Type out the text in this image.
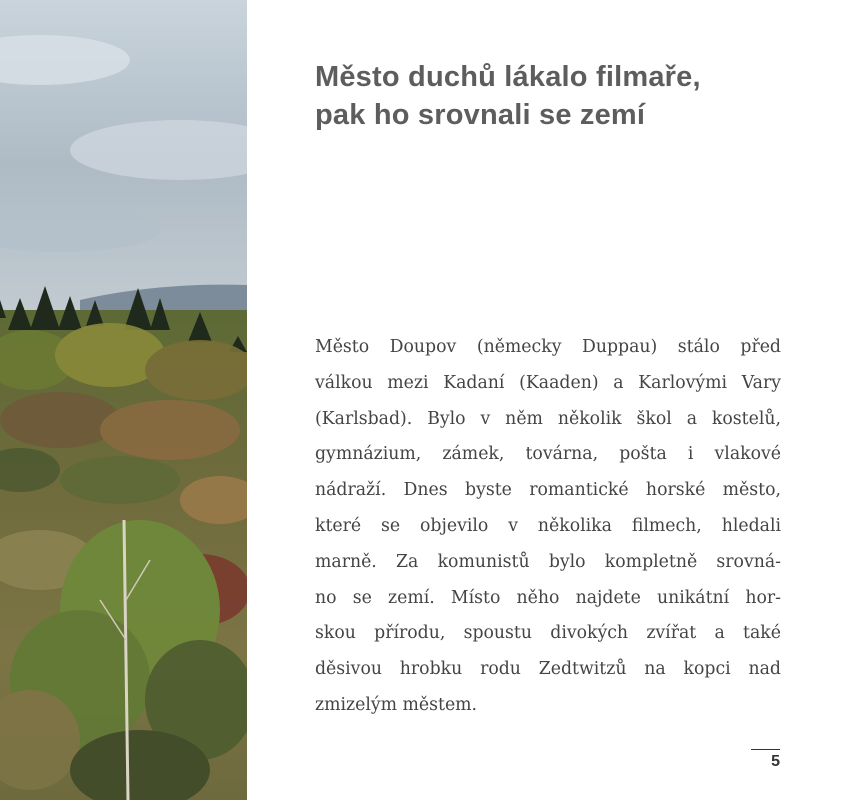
Město duchů lákalo filmaře,
pak ho srovnali se zemí
Město Doupov (německy Duppau) stálo před
válkou mezi Kadaní (Kaaden) a Karlovými Vary
(Karlsbad). Bylo v něm několik škol a kostelů,
gymnázium, zámek, továrna, pošta i vlakové
nádraží. Dnes byste romantické horské město,
které se objevilo v několika filmech, hledali
marně. Za komunistů bylo kompletně srovná-
no se zemí. Místo něho najdete unikátní hor-
skou přírodu, spoustu divokých zvířat a také
děsivou hrobku rodu Zedtwitzů na kopci nad
zmizelým městem.
5
